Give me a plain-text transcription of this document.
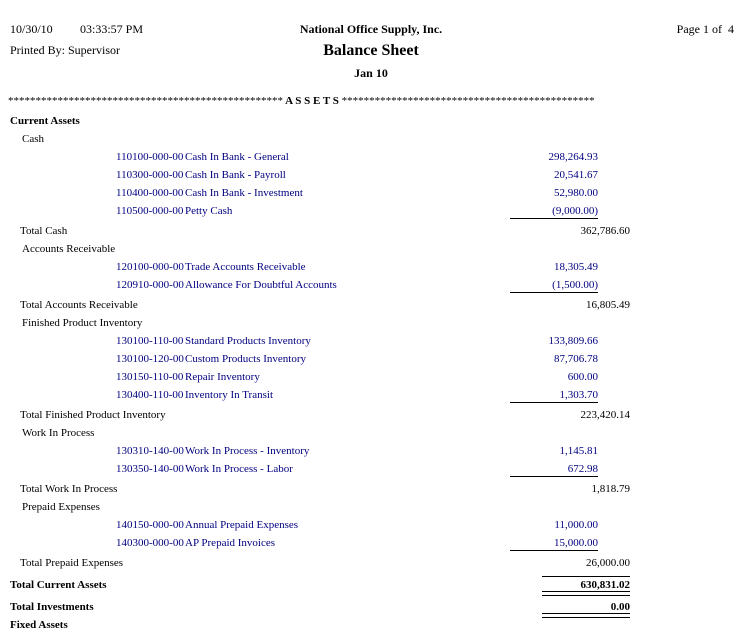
10/30/10 03:33:57 PM	National Office Supply, Inc.	Page 1 of  4
Printed By: Supervisor	Balance Sheet
Jan 10
************************************************** A S S E T S **********************************************
Current Assets
Cash
110100-000-00 Cash In Bank - General	298,264.93
110300-000-00 Cash In Bank - Payroll	20,541.67
110400-000-00 Cash In Bank - Investment	52,980.00
110500-000-00 Petty Cash	(9,000.00)
Total Cash	362,786.60
Accounts Receivable
120100-000-00 Trade Accounts Receivable	18,305.49
120910-000-00 Allowance For Doubtful Accounts	(1,500.00)
Total Accounts Receivable	16,805.49
Finished Product Inventory
130100-110-00 Standard Products Inventory	133,809.66
130100-120-00 Custom Products Inventory	87,706.78
130150-110-00 Repair Inventory	600.00
130400-110-00 Inventory In Transit	1,303.70
Total Finished Product Inventory	223,420.14
Work In Process
130310-140-00 Work In Process - Inventory	1,145.81
130350-140-00 Work In Process - Labor	672.98
Total Work In Process	1,818.79
Prepaid Expenses
140150-000-00 Annual Prepaid Expenses	11,000.00
140300-000-00 AP Prepaid Invoices	15,000.00
Total Prepaid Expenses	26,000.00
Total Current Assets	630,831.02
Total Investments	0.00
Fixed Assets
